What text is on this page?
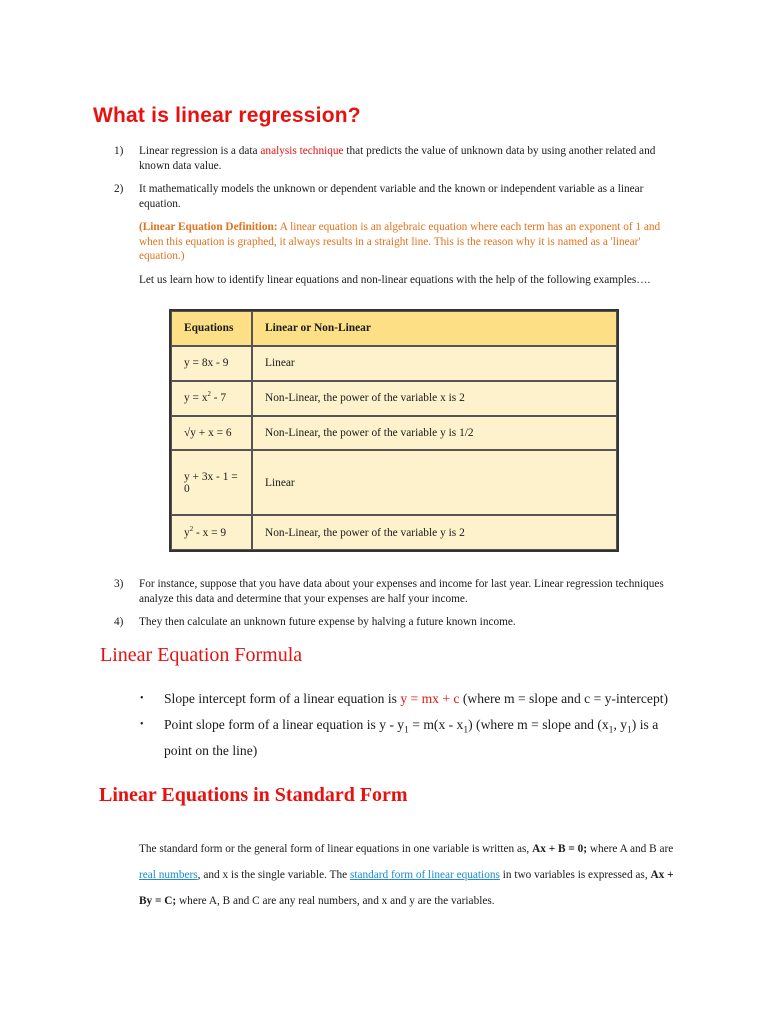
What is linear regression?
1) Linear regression is a data analysis technique that predicts the value of unknown data by using another related and known data value.
2) It mathematically models the unknown or dependent variable and the known or independent variable as a linear equation.
(Linear Equation Definition: A linear equation is an algebraic equation where each term has an exponent of 1 and when this equation is graphed, it always results in a straight line. This is the reason why it is named as a 'linear' equation.)
Let us learn how to identify linear equations and non-linear equations with the help of the following examples….
Equations	Linear or Non-Linear
y = 8x - 9	Linear
$y = x^2 - 7$	Non-Linear, the power of the variable x is 2
√y + x = 6	Non-Linear, the power of the variable y is 1/2
y + 3x - 1 = 0	Linear
$y^2 - x = 9$	Non-Linear, the power of the variable y is 2
3) For instance, suppose that you have data about your expenses and income for last year. Linear regression techniques analyze this data and determine that your expenses are half your income.
4) They then calculate an unknown future expense by halving a future known income.
Linear Equation Formula
• Slope intercept form of a linear equation is y = mx + c (where m = slope and c = y-intercept)
• Point slope form of a linear equation is $y - y_1 = m(x - x_1)$ (where m = slope and ($x_1$, $y_1$) is a point on the line)
Linear Equations in Standard Form

The standard form or the general form of linear equations in one variable is written as, Ax + B = 0; where A and B are real numbers, and x is the single variable. The standard form of linear equations in two variables is expressed as, Ax + By = C; where A, B and C are any real numbers, and x and y are the variables.
